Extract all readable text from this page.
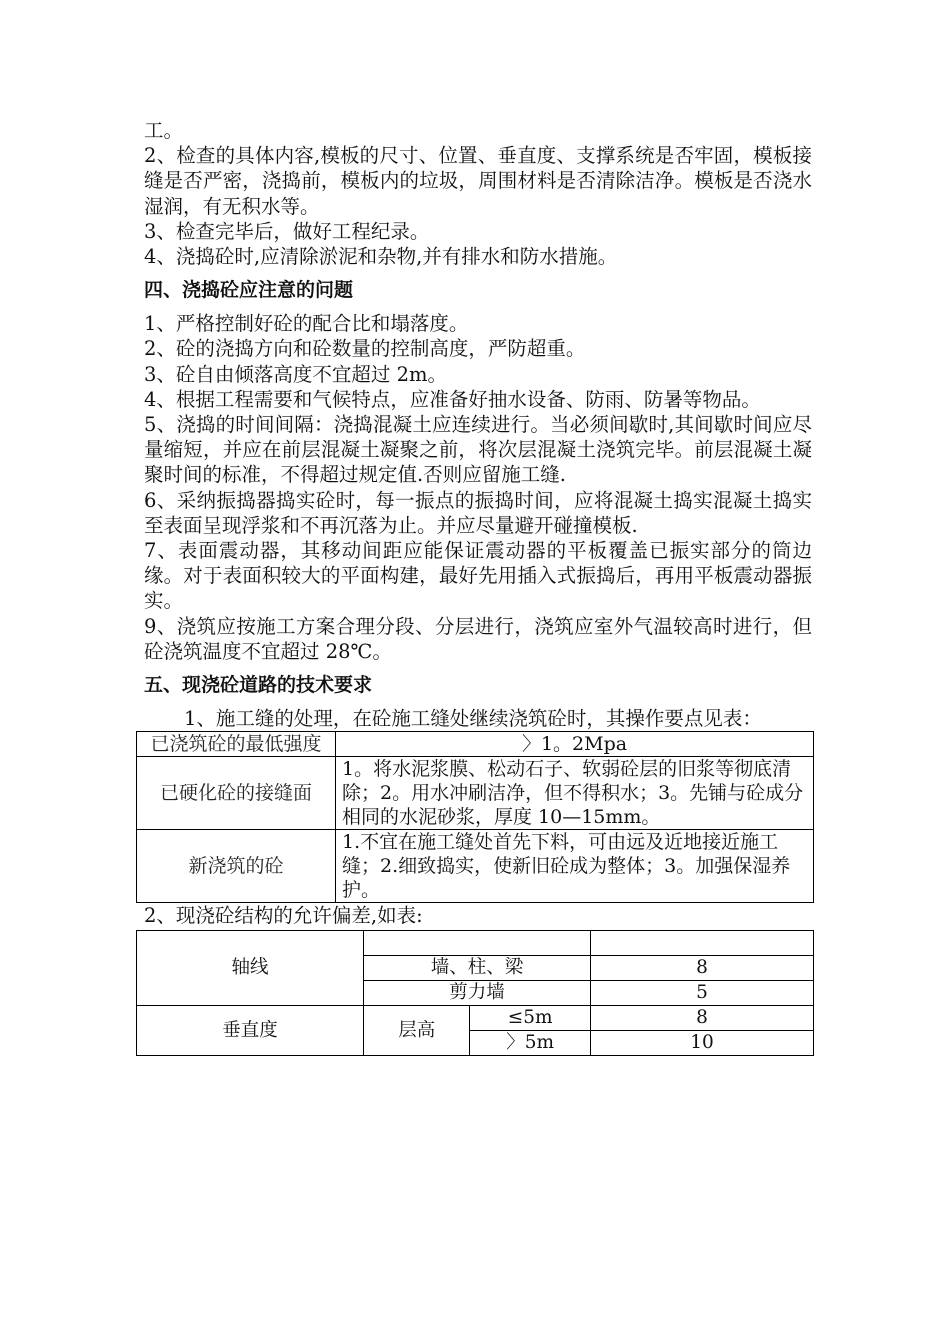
工。

2、检查的具体内容,模板的尺寸、位置、垂直度、支撑系统是否牢固，模板接缝是否严密，浇捣前，模板内的垃圾，周围材料是否清除洁净。模板是否浇水湿润，有无积水等。

3、检查完毕后，做好工程纪录。

4、浇捣砼时,应清除淤泥和杂物,并有排水和防水措施。

四、浇捣砼应注意的问题

1、严格控制好砼的配合比和塌落度。

2、砼的浇捣方向和砼数量的控制高度，严防超重。

3、砼自由倾落高度不宜超过 2m。

4、根据工程需要和气候特点，应准备好抽水设备、防雨、防暑等物品。

5、浇捣的时间间隔：浇捣混凝土应连续进行。当必须间歇时,其间歇时间应尽量缩短，并应在前层混凝土凝聚之前，将次层混凝土浇筑完毕。前层混凝土凝聚时间的标准，不得超过规定值.否则应留施工缝.

6、采纳振捣器捣实砼时，每一振点的振捣时间，应将混凝土捣实混凝土捣实至表面呈现浮浆和不再沉落为止。并应尽量避开碰撞模板.

7、表面震动器，其移动间距应能保证震动器的平板覆盖已振实部分的筒边缘。对于表面积较大的平面构建，最好先用插入式振捣后，再用平板震动器振实。

9、浇筑应按施工方案合理分段、分层进行，浇筑应室外气温较高时进行，但砼浇筑温度不宜超过 28℃。

五、现浇砼道路的技术要求

1、施工缝的处理，在砼施工缝处继续浇筑砼时，其操作要点见表：

已浇筑砼的最低强度	〉1。2Mpa
已硬化砼的接缝面	1。将水泥浆膜、松动石子、软弱砼层的旧浆等彻底清除；2。用水冲刷洁净，但不得积水；3。先铺与砼成分相同的水泥砂浆，厚度 10—15mm。
新浇筑的砼	1.不宜在施工缝处首先下料，可由远及近地接近施工缝；2.细致捣实，使新旧砼成为整体；3。加强保湿养护。

2、现浇砼结构的允许偏差,如表:

轴线			
	墙、柱、梁		8
	剪力墙		5
垂直度	层高	≤5m	8
		〉5m	10
